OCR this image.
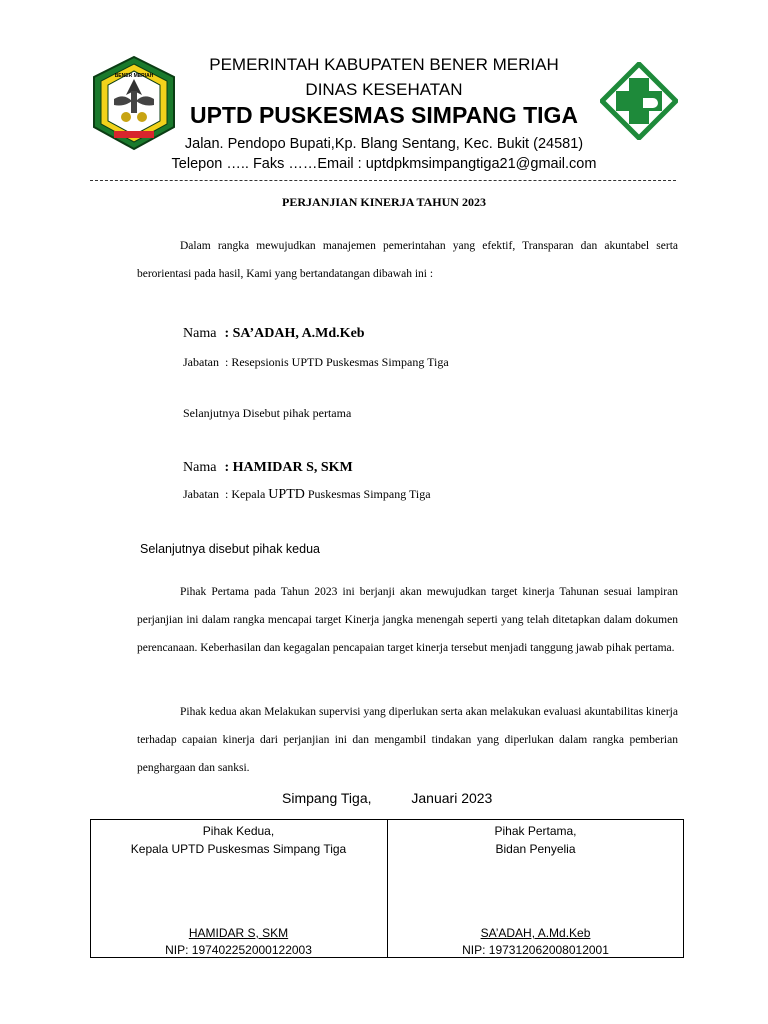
BENER MERIAH
PEMERINTAH KABUPATEN BENER MERIAH
DINAS KESEHATAN
UPTD PUSKESMAS SIMPANG TIGA
Jalan. Pendopo Bupati,Kp. Blang Sentang, Kec. Bukit (24581)
Telepon ….. Faks ……Email : uptdpkmsimpangtiga21@gmail.com
PERJANJIAN KINERJA TAHUN 2023
Dalam rangka mewujudkan manajemen pemerintahan yang efektif, Transparan dan akuntabel serta berorientasi pada hasil, Kami yang bertandatangan dibawah ini :
Nama : SA’ADAH, A.Md.Keb
Jabatan : Resepsionis UPTD Puskesmas Simpang Tiga
Selanjutnya Disebut pihak pertama
Nama : HAMIDAR S, SKM
Jabatan : Kepala UPTD Puskesmas Simpang Tiga
Selanjutnya disebut pihak kedua
Pihak Pertama pada Tahun 2023 ini berjanji akan mewujudkan target kinerja Tahunan sesuai lampiran perjanjian ini dalam rangka mencapai target Kinerja jangka menengah seperti yang telah ditetapkan dalam dokumen perencanaan. Keberhasilan dan kegagalan pencapaian target kinerja tersebut menjadi tanggung jawab pihak pertama.
Pihak kedua akan Melakukan supervisi yang diperlukan serta akan melakukan evaluasi akuntabilitas kinerja terhadap capaian kinerja dari perjanjian ini dan mengambil tindakan yang diperlukan dalam rangka pemberian penghargaan dan sanksi.
Simpang Tiga,	Januari 2023
Pihak Kedua,
Kepala UPTD Puskesmas Simpang Tiga
HAMIDAR S, SKM
NIP: 197402252000122003
Pihak Pertama,
Bidan Penyelia
SA’ADAH, A.Md.Keb
NIP: 197312062008012001
